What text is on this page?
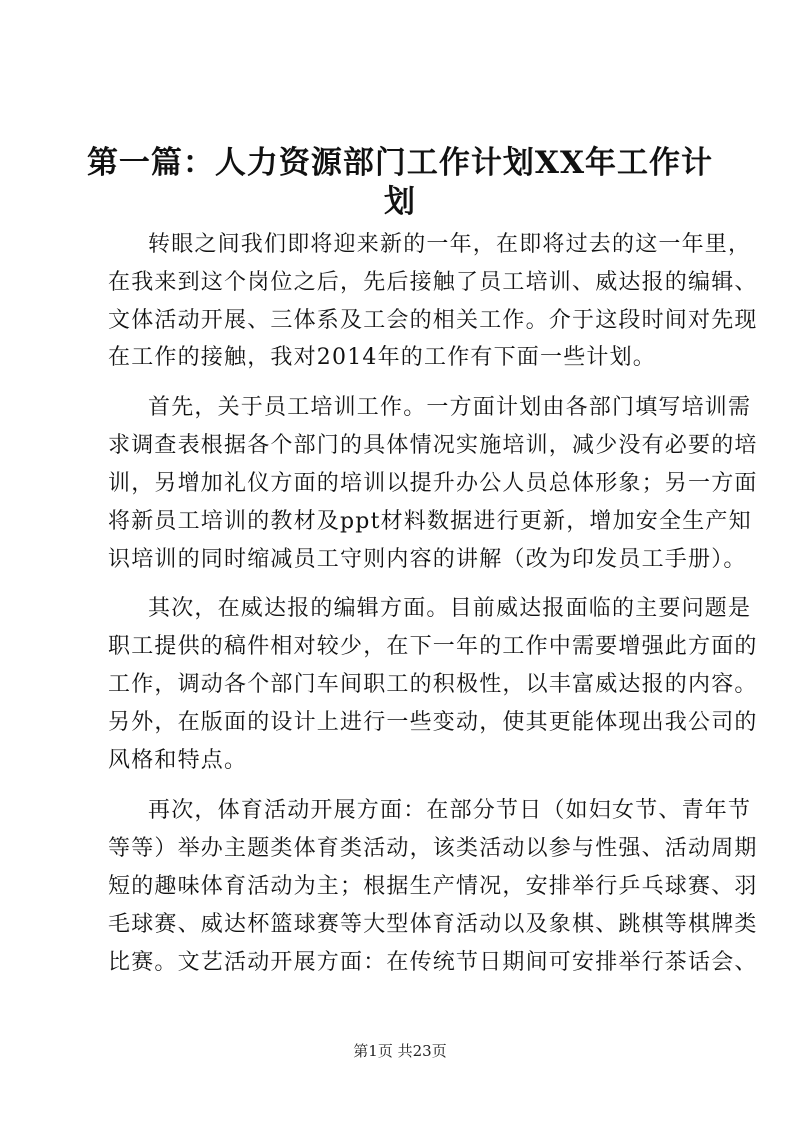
第一篇：人力资源部门工作计划XX年工作计
划
转眼之间我们即将迎来新的一年，在即将过去的这一年里，
在我来到这个岗位之后，先后接触了员工培训、威达报的编辑、
文体活动开展、三体系及工会的相关工作。介于这段时间对先现
在工作的接触，我对2014年的工作有下面一些计划。
首先，关于员工培训工作。一方面计划由各部门填写培训需
求调查表根据各个部门的具体情况实施培训，减少没有必要的培
训，另增加礼仪方面的培训以提升办公人员总体形象；另一方面
将新员工培训的教材及ppt材料数据进行更新，增加安全生产知
识培训的同时缩减员工守则内容的讲解（改为印发员工手册）。
其次，在威达报的编辑方面。目前威达报面临的主要问题是
职工提供的稿件相对较少，在下一年的工作中需要增强此方面的
工作，调动各个部门车间职工的积极性，以丰富威达报的内容。
另外，在版面的设计上进行一些变动，使其更能体现出我公司的
风格和特点。
再次，体育活动开展方面：在部分节日（如妇女节、青年节
等等）举办主题类体育类活动，该类活动以参与性强、活动周期
短的趣味体育活动为主；根据生产情况，安排举行乒乓球赛、羽
毛球赛、威达杯篮球赛等大型体育活动以及象棋、跳棋等棋牌类
比赛。文艺活动开展方面：在传统节日期间可安排举行茶话会、
第1页 共23页
